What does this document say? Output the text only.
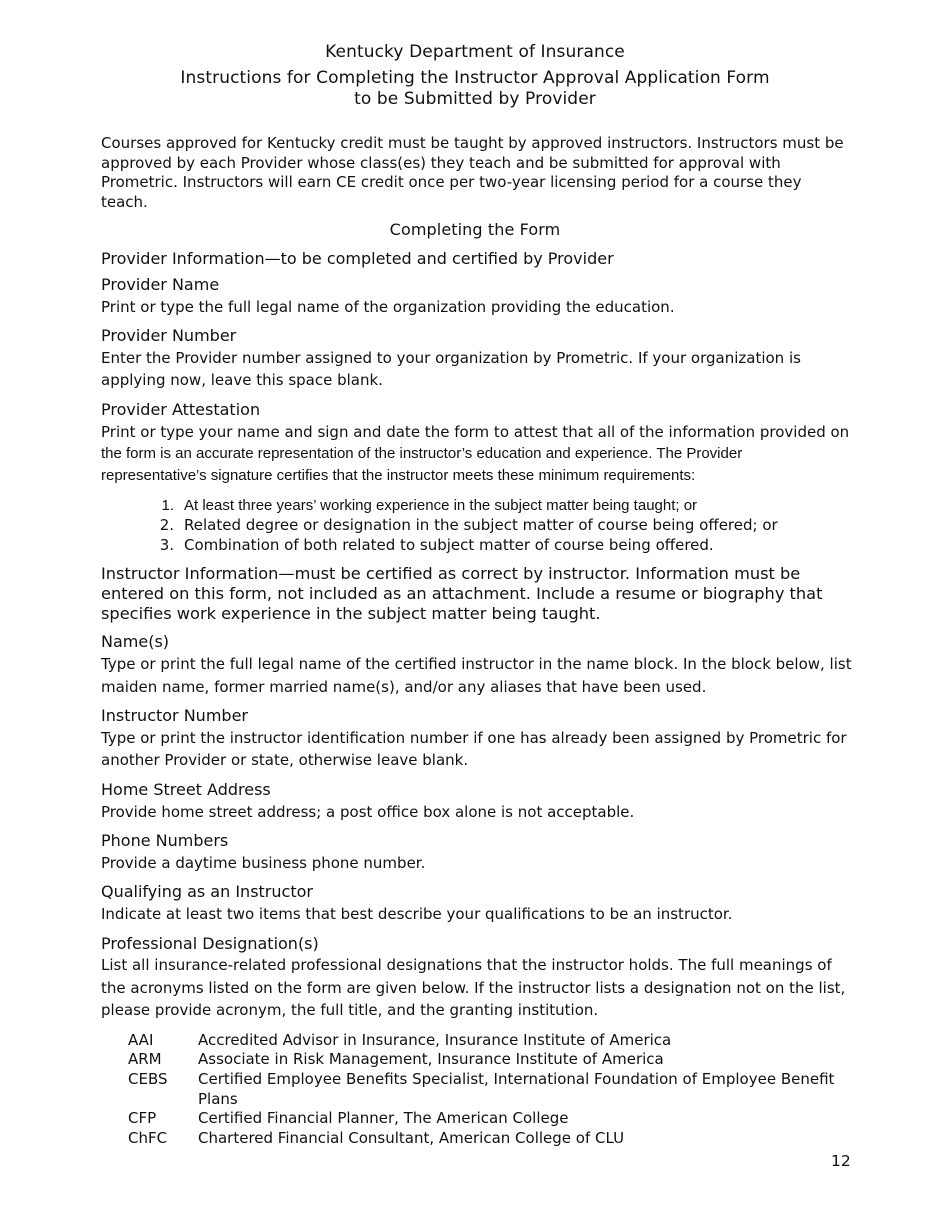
Kentucky Department of Insurance
Instructions for Completing the Instructor Approval Application Form
to be Submitted by Provider
Courses approved for Kentucky credit must be taught by approved instructors. Instructors must be approved by each Provider whose class(es) they teach and be submitted for approval with Prometric. Instructors will earn CE credit once per two-year licensing period for a course they teach.
Completing the Form
Provider Information—to be completed and certified by Provider
Provider Name
Print or type the full legal name of the organization providing the education.
Provider Number
Enter the Provider number assigned to your organization by Prometric. If your organization is
applying now, leave this space blank.
Provider Attestation
Print or type your name and sign and date the form to attest that all of the information provided on
the form is an accurate representation of the instructor’s education and experience. The Provider
representative’s signature certifies that the instructor meets these minimum requirements:
1. At least three years’ working experience in the subject matter being taught; or
2. Related degree or designation in the subject matter of course being offered; or
3. Combination of both related to subject matter of course being offered.
Instructor Information—must be certified as correct by instructor. Information must be entered on this form, not included as an attachment. Include a resume or biography that specifies work experience in the subject matter being taught.
Name(s)
Type or print the full legal name of the certified instructor in the name block. In the block below, list
maiden name, former married name(s), and/or any aliases that have been used.
Instructor Number
Type or print the instructor identification number if one has already been assigned by Prometric for
another Provider or state, otherwise leave blank.
Home Street Address
Provide home street address; a post office box alone is not acceptable.
Phone Numbers
Provide a daytime business phone number.
Qualifying as an Instructor
Indicate at least two items that best describe your qualifications to be an instructor.
Professional Designation(s)
List all insurance-related professional designations that the instructor holds. The full meanings of
the acronyms listed on the form are given below. If the instructor lists a designation not on the list,
please provide acronym, the full title, and the granting institution.
AAI	Accredited Advisor in Insurance, Insurance Institute of America
ARM Associate in Risk Management, Insurance Institute of America
CEBS Certified Employee Benefits Specialist, International Foundation of Employee Benefit Plans
CFP	Certified Financial Planner, The American College
ChFC Chartered Financial Consultant, American College of CLU
12
